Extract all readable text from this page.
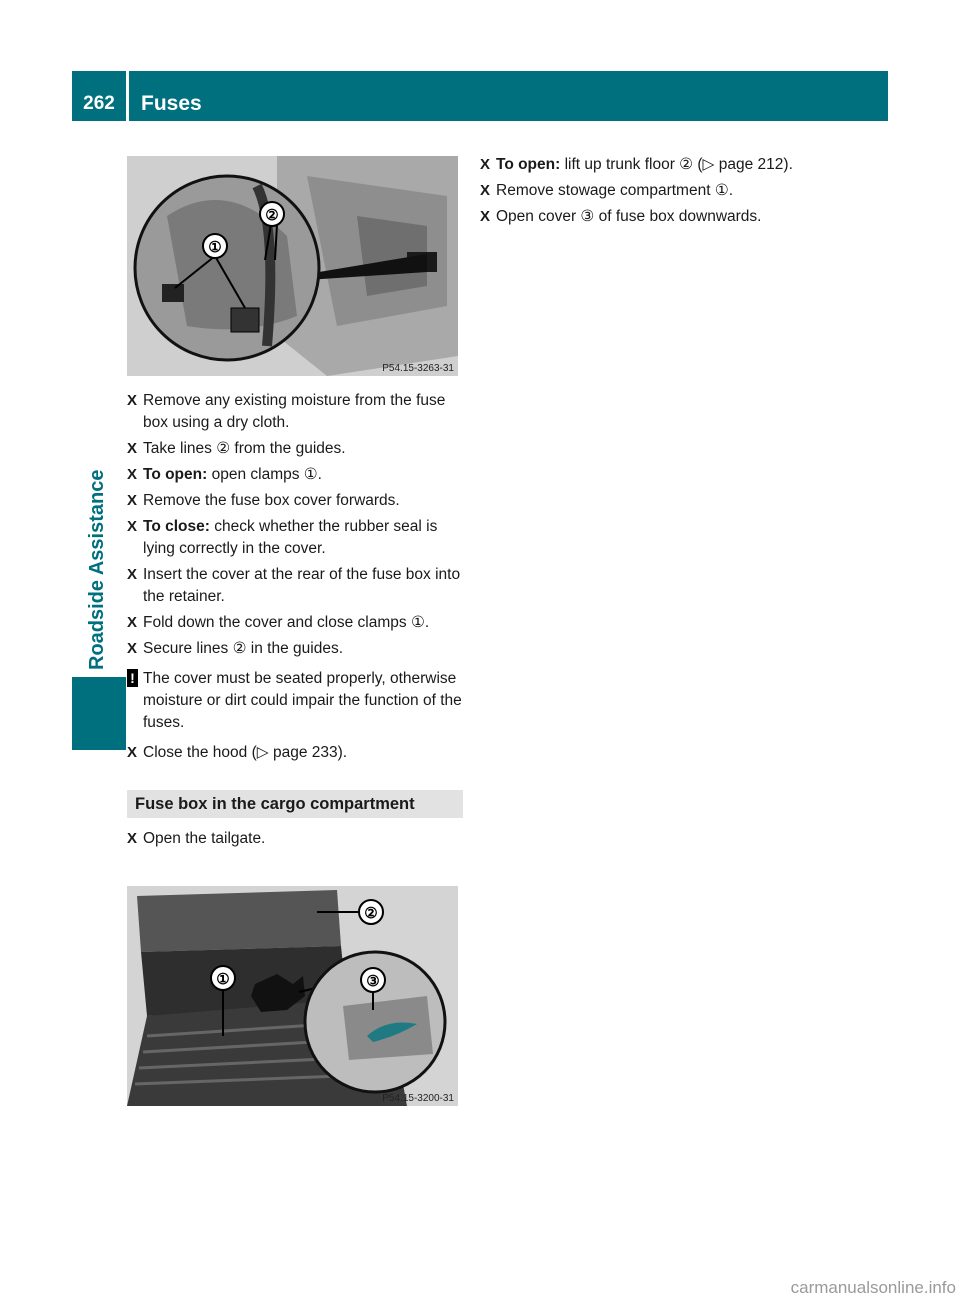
262	Fuses
Roadside Assistance
①
②
P54.15-3263-31
X Remove any existing moisture from the fuse box using a dry cloth.
X Take lines ② from the guides.
X To open: open clamps ①.
X Remove the fuse box cover forwards.
X To close: check whether the rubber seal is lying correctly in the cover.
X Insert the cover at the rear of the fuse box into the retainer.
X Fold down the cover and close clamps ①.
X Secure lines ② in the guides.
! The cover must be seated properly, otherwise moisture or dirt could impair the function of the fuses.
X Close the hood (▷ page 233).
Fuse box in the cargo compartment
X Open the tailgate.
①
②
③
P54.15-3200-31
X To open: lift up trunk floor ② (▷ page 212).
X Remove stowage compartment ①.
X Open cover ③ of fuse box downwards.
carmanualsonline.info
